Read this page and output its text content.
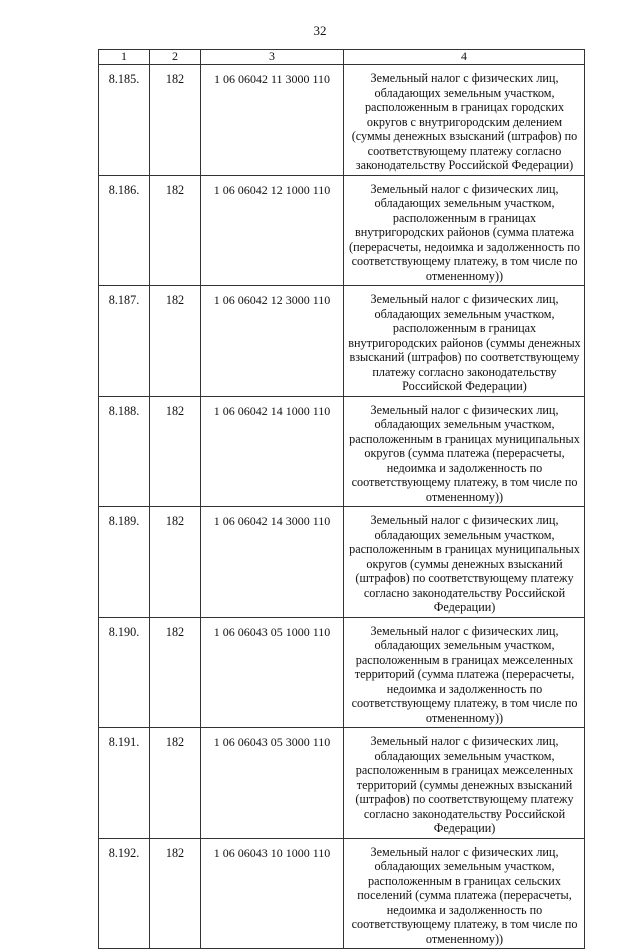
32
1	2	3	4
8.185.	182	1 06 06042 11 3000 110	Земельный налог с физических лиц, обладающих земельным участком, расположенным в границах городских округов с внутригородским делением (суммы денежных взысканий (штрафов) по соответствующему платежу согласно законодательству Российской Федерации)
8.186.	182	1 06 06042 12 1000 110	Земельный налог с физических лиц, обладающих земельным участком, расположенным в границах внутригородских районов (сумма платежа (перерасчеты, недоимка и задолженность по соответствующему платежу, в том числе по отмененному))
8.187.	182	1 06 06042 12 3000 110	Земельный налог с физических лиц, обладающих земельным участком, расположенным в границах внутригородских районов (суммы денежных взысканий (штрафов) по соответствующему платежу согласно законодательству Российской Федерации)
8.188.	182	1 06 06042 14 1000 110	Земельный налог с физических лиц, обладающих земельным участком, расположенным в границах муниципальных округов (сумма платежа (перерасчеты, недоимка и задолженность по соответствующему платежу, в том числе по отмененному))
8.189.	182	1 06 06042 14 3000 110	Земельный налог с физических лиц, обладающих земельным участком, расположенным в границах муниципальных округов (суммы денежных взысканий (штрафов) по соответствующему платежу согласно законодательству Российской Федерации)
8.190.	182	1 06 06043 05 1000 110	Земельный налог с физических лиц, обладающих земельным участком, расположенным в границах межселенных территорий (сумма платежа (перерасчеты, недоимка и задолженность по соответствующему платежу, в том числе по отмененному))
8.191.	182	1 06 06043 05 3000 110	Земельный налог с физических лиц, обладающих земельным участком, расположенным в границах межселенных территорий (суммы денежных взысканий (штрафов) по соответствующему платежу согласно законодательству Российской Федерации)
8.192.	182	1 06 06043 10 1000 110	Земельный налог с физических лиц, обладающих земельным участком, расположенным в границах сельских поселений (сумма платежа (перерасчеты, недоимка и задолженность по соответствующему платежу, в том числе по отмененному))
